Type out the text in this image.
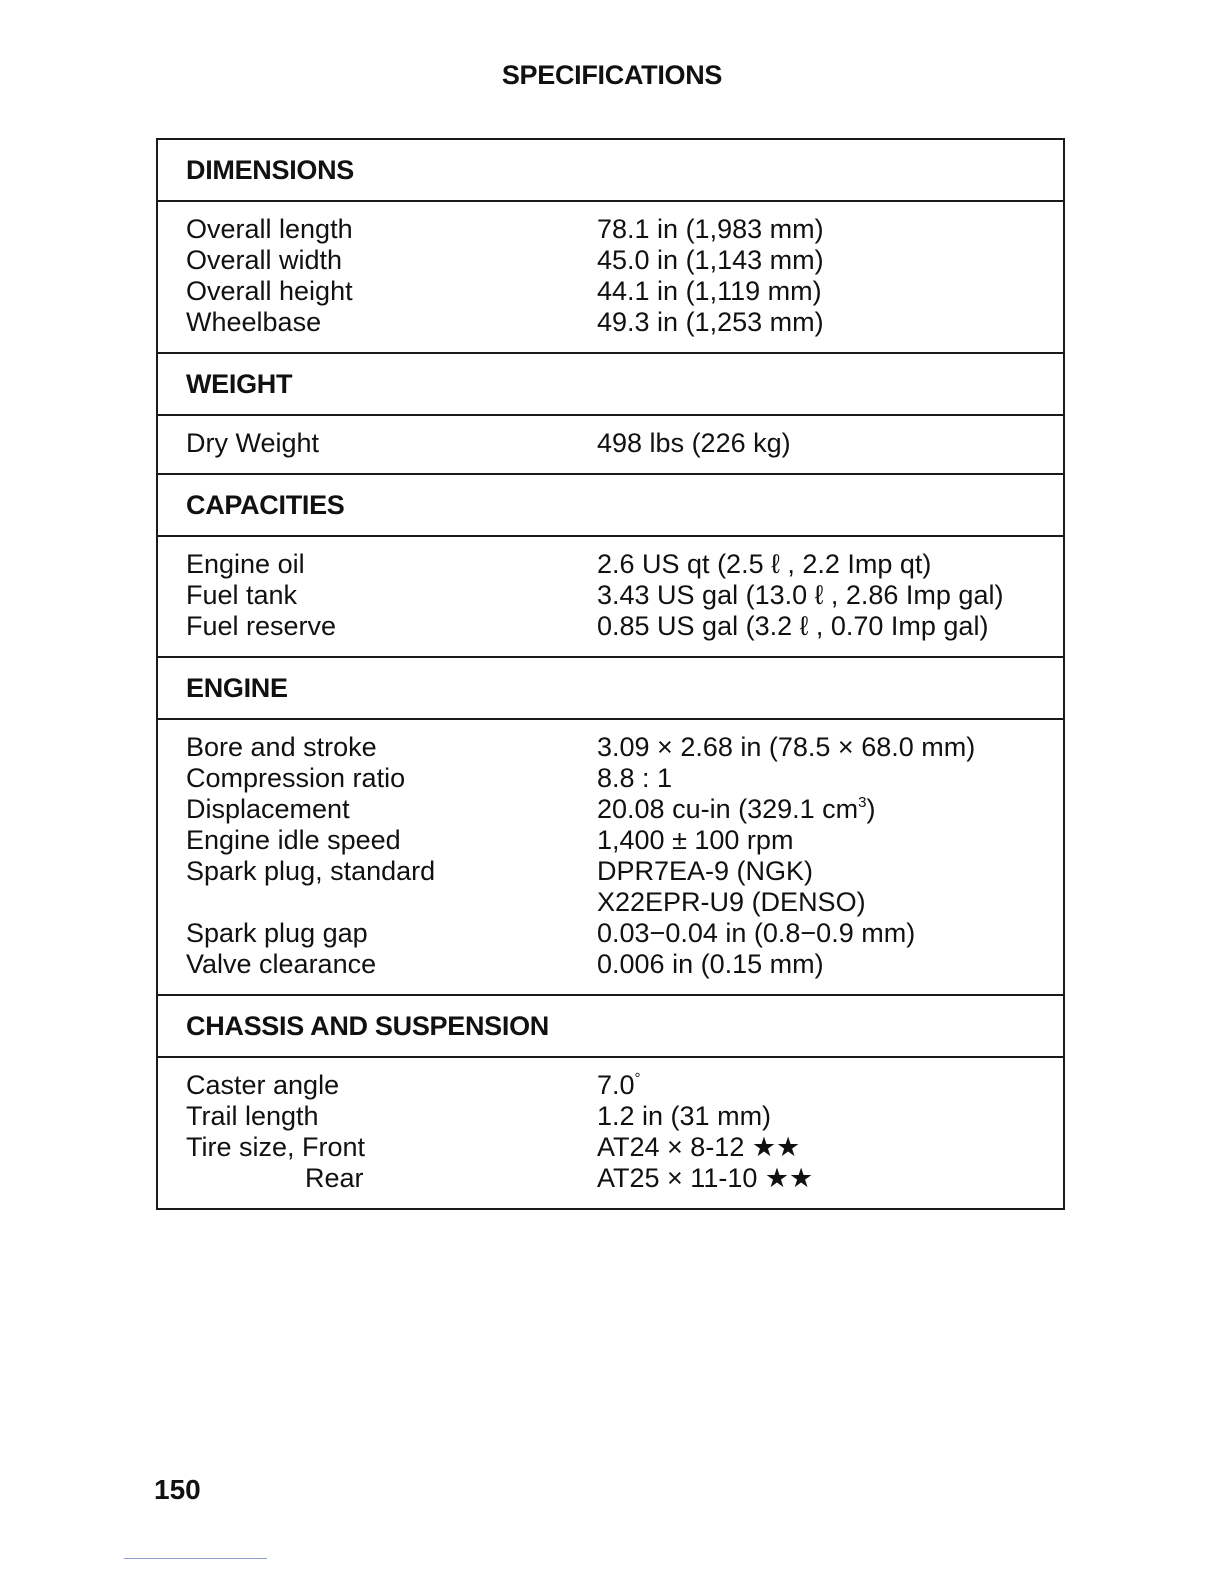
SPECIFICATIONS
DIMENSIONS
Overall length	78.1 in (1,983 mm)
Overall width	45.0 in (1,143 mm)
Overall height	44.1 in (1,119 mm)
Wheelbase	49.3 in (1,253 mm)
WEIGHT
Dry Weight	498 lbs (226 kg)
CAPACITIES
Engine oil	2.6 US qt (2.5 ℓ , 2.2 Imp qt)
Fuel tank	3.43 US gal (13.0 ℓ , 2.86 Imp gal)
Fuel reserve	0.85 US gal (3.2 ℓ , 0.70 Imp gal)
ENGINE
Bore and stroke	3.09 × 2.68 in (78.5 × 68.0 mm)
Compression ratio	8.8 : 1
Displacement	20.08 cu-in (329.1 $cm^3$)
Engine idle speed	1,400 ± 100 rpm
Spark plug, standard	DPR7EA-9 (NGK)
X22EPR-U9 (DENSO)
Spark plug gap	0.03−0.04 in (0.8−0.9 mm)
Valve clearance	0.006 in (0.15 mm)
CHASSIS AND SUSPENSION
Caster angle	7.0°
Trail length	1.2 in (31 mm)
Tire size, Front	AT24 × 8-12 ★★
Rear	AT25 × 11-10 ★★
150
